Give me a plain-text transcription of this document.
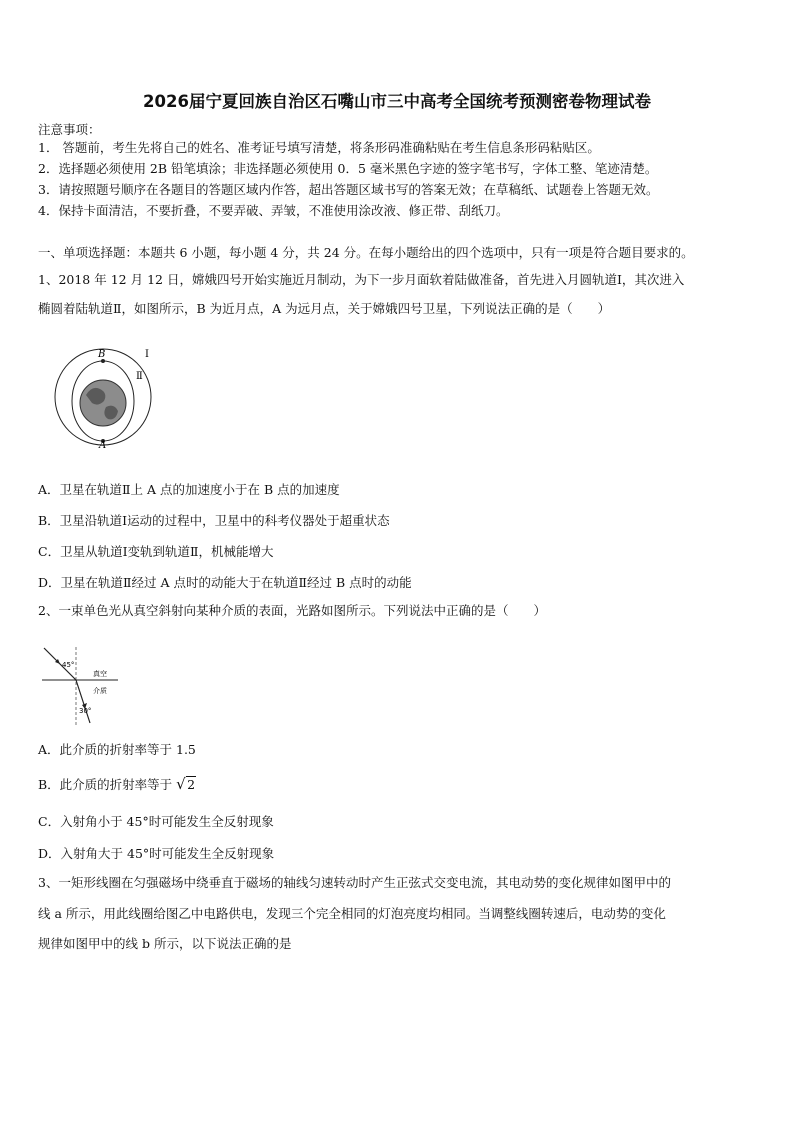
2026届宁夏回族自治区石嘴山市三中高考全国统考预测密卷物理试卷
注意事项：
1． 答题前，考生先将自己的姓名、准考证号填写清楚，将条形码准确粘贴在考生信息条形码粘贴区。
2．选择题必须使用 2B 铅笔填涂；非选择题必须使用 0．5 毫米黑色字迹的签字笔书写，字体工整、笔迹清楚。
3．请按照题号顺序在各题目的答题区域内作答，超出答题区域书写的答案无效；在草稿纸、试题卷上答题无效。
4．保持卡面清洁，不要折叠，不要弄破、弄皱，不准使用涂改液、修正带、刮纸刀。
一、单项选择题：本题共 6 小题，每小题 4 分，共 24 分。在每小题给出的四个选项中，只有一项是符合题目要求的。
1、2018 年 12 月 12 日，嫦娥四号开始实施近月制动，为下一步月面软着陆做准备，首先进入月圆轨道Ⅰ，其次进入
椭圆着陆轨道Ⅱ，如图所示，B 为近月点，A 为远月点，关于嫦娥四号卫星，下列说法正确的是（　　）
B
A
Ⅰ
Ⅱ
A．卫星在轨道Ⅱ上 A 点的加速度小于在 B 点的加速度
B．卫星沿轨道Ⅰ运动的过程中，卫星中的科考仪器处于超重状态
C．卫星从轨道Ⅰ变轨到轨道Ⅱ，机械能增大
D．卫星在轨道Ⅱ经过 A 点时的动能大于在轨道Ⅱ经过 B 点时的动能
2、一束单色光从真空斜射向某种介质的表面，光路如图所示。下列说法中正确的是（　　）
45°
30°
真空
介质
A．此介质的折射率等于 1.5
B．此介质的折射率等于 √ 2
C．入射角小于 45°时可能发生全反射现象
D．入射角大于 45°时可能发生全反射现象
3、一矩形线圈在匀强磁场中绕垂直于磁场的轴线匀速转动时产生正弦式交变电流，其电动势的变化规律如图甲中的
线 a 所示，用此线圈给图乙中电路供电，发现三个完全相同的灯泡亮度均相同。当调整线圈转速后，电动势的变化
规律如图甲中的线 b 所示，以下说法正确的是
